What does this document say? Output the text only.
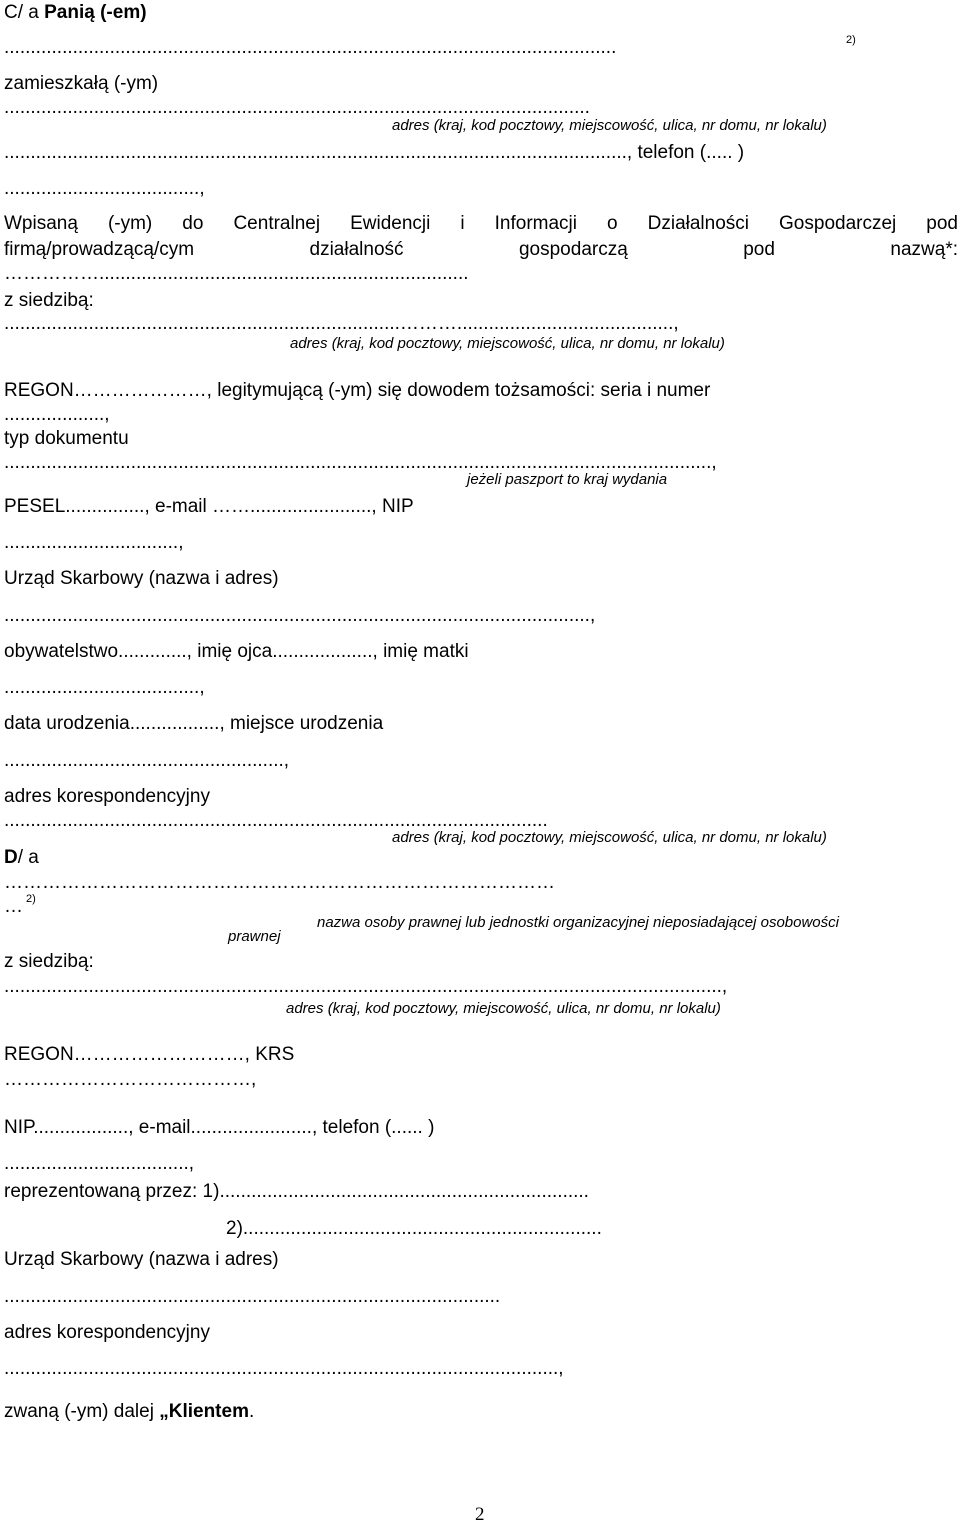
C/ a Panią (-em)
....................................................................................................................	2)
zamieszkałą (-ym)
...............................................................................................................
adres (kraj, kod pocztowy, miejscowość, ulica, nr domu, nr lokalu)
......................................................................................................................, telefon (..... )
.....................................,
Wpisaną (-ym) do Centralnej Ewidencji i Informacji o Działalności Gospodarczej pod
firmą/prowadzącą/cym działalność gospodarczą pod nazwą*:
……………......................................................................
z siedzibą:
...........................................................................……….........................................,
adres (kraj, kod pocztowy, miejscowość, ulica, nr domu, nr lokalu)
REGON…………………, legitymującą (-ym) się dowodem tożsamości: seria i numer
...................,
typ dokumentu
......................................................................................................................................,
jeżeli paszport to kraj wydania
PESEL..............., e-mail ……......................., NIP
.................................,
Urząd Skarbowy (nazwa i adres)
...............................................................................................................,
obywatelstwo............., imię ojca..................., imię matki
.....................................,
data urodzenia................., miejsce urodzenia
.....................................................,
adres korespondencyjny
.......................................................................................................
adres (kraj, kod pocztowy, miejscowość, ulica, nr domu, nr lokalu)
D/ a
……………………………………………………………………………
… 2)
nazwa osoby prawnej lub jednostki organizacyjnej nieposiadającej osobowości
prawnej
z siedzibą:
........................................................................................................................................,
adres (kraj, kod pocztowy, miejscowość, ulica, nr domu, nr lokalu)
REGON………………………, KRS
…………………………………,
NIP.................., e-mail......................., telefon (...... )
...................................,
reprezentowaną przez: 1)......................................................................
2)....................................................................
Urząd Skarbowy (nazwa i adres)
..............................................................................................
adres korespondencyjny
.........................................................................................................,
zwaną (-ym) dalej „Klientem.
2
